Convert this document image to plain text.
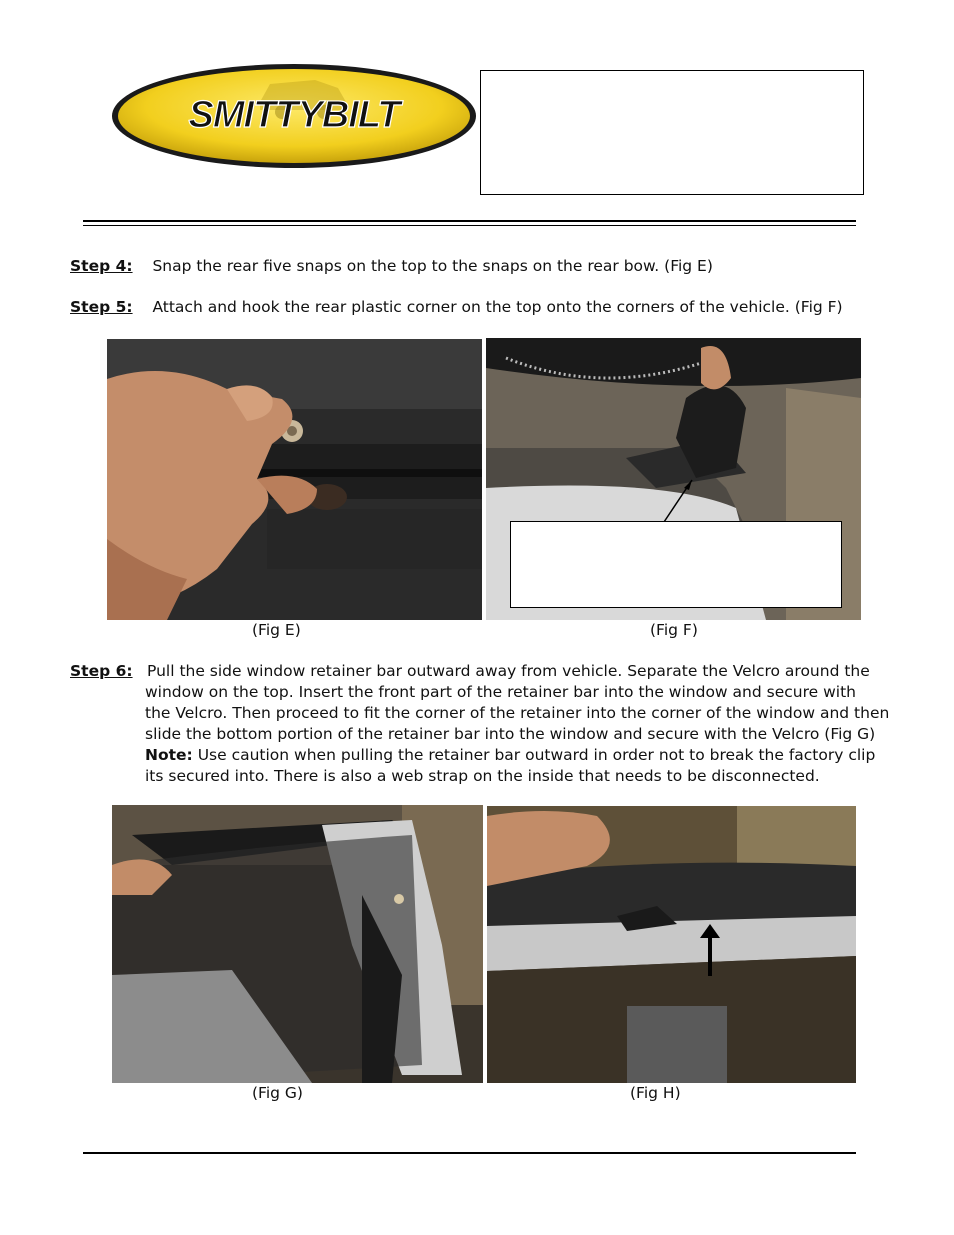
SMITTYBILT
Step 4: Snap the rear five snaps on the top to the snaps on the rear bow. (Fig E)
Step 5: Attach and hook the rear plastic corner on the top onto the corners of the vehicle. (Fig F)
(Fig E)	(Fig F)
Step 6: Pull the side window retainer bar outward away from vehicle. Separate the Velcro around the
window on the top. Insert the front part of the retainer bar into the window and secure with
the Velcro. Then proceed to fit the corner of the retainer into the corner of the window and then
slide the bottom portion of the retainer bar into the window and secure with the Velcro (Fig G)
Note: Use caution when pulling the retainer bar outward in order not to break the factory clip
its secured into. There is also a web strap on the inside that needs to be disconnected.
(Fig G)	(Fig H)
